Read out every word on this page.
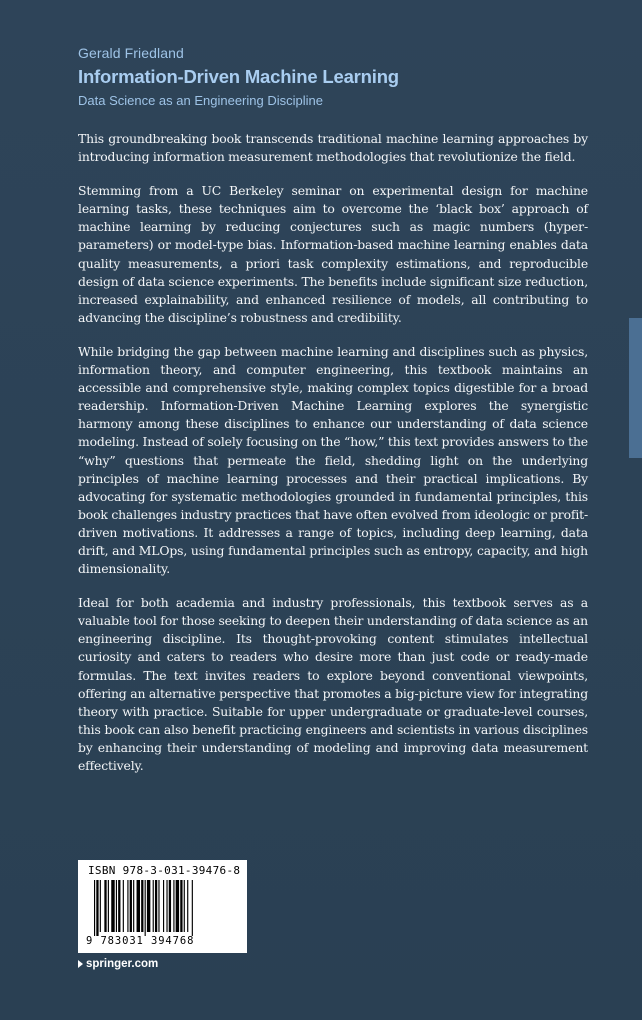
Gerald Friedland
Information-Driven Machine Learning
Data Science as an Engineering Discipline

This groundbreaking book transcends traditional machine learning approaches by introducing information measurement methodologies that revolutionize the field.

Stemming from a UC Berkeley seminar on experimental design for machine learning tasks, these techniques aim to overcome the ‘black box’ approach of machine learning by reducing conjectures such as magic numbers (hyper-parameters) or model-type bias. Information-based machine learning enables data quality measurements, a priori task complexity estimations, and reproducible design of data science experiments. The benefits include significant size reduction, increased explainability, and enhanced resilience of models, all contributing to advancing the discipline’s robustness and credibility.

While bridging the gap between machine learning and disciplines such as physics, information theory, and computer engineering, this textbook maintains an accessible and comprehensive style, making complex topics digestible for a broad readership. Information-Driven Machine Learning explores the synergistic harmony among these disciplines to enhance our understanding of data science modeling. Instead of solely focusing on the “how,” this text provides answers to the “why” questions that permeate the field, shedding light on the underlying principles of machine learning processes and their practical implications. By advocating for systematic methodologies grounded in fundamental principles, this book challenges industry practices that have often evolved from ideologic or profit-driven motivations. It addresses a range of topics, including deep learning, data drift, and MLOps, using fundamental principles such as entropy, capacity, and high dimensionality.

Ideal for both academia and industry professionals, this textbook serves as a valuable tool for those seeking to deepen their understanding of data science as an engineering discipline. Its thought-provoking content stimulates intellectual curiosity and caters to readers who desire more than just code or ready-made formulas. The text invites readers to explore beyond conventional viewpoints, offering an alternative perspective that promotes a big-picture view for integrating theory with practice. Suitable for upper undergraduate or graduate-level courses, this book can also benefit practicing engineers and scientists in various disciplines by enhancing their understanding of modeling and improving data measurement effectively.

ISBN 978-3-031-39476-8
9 783031 394768
springer.com
